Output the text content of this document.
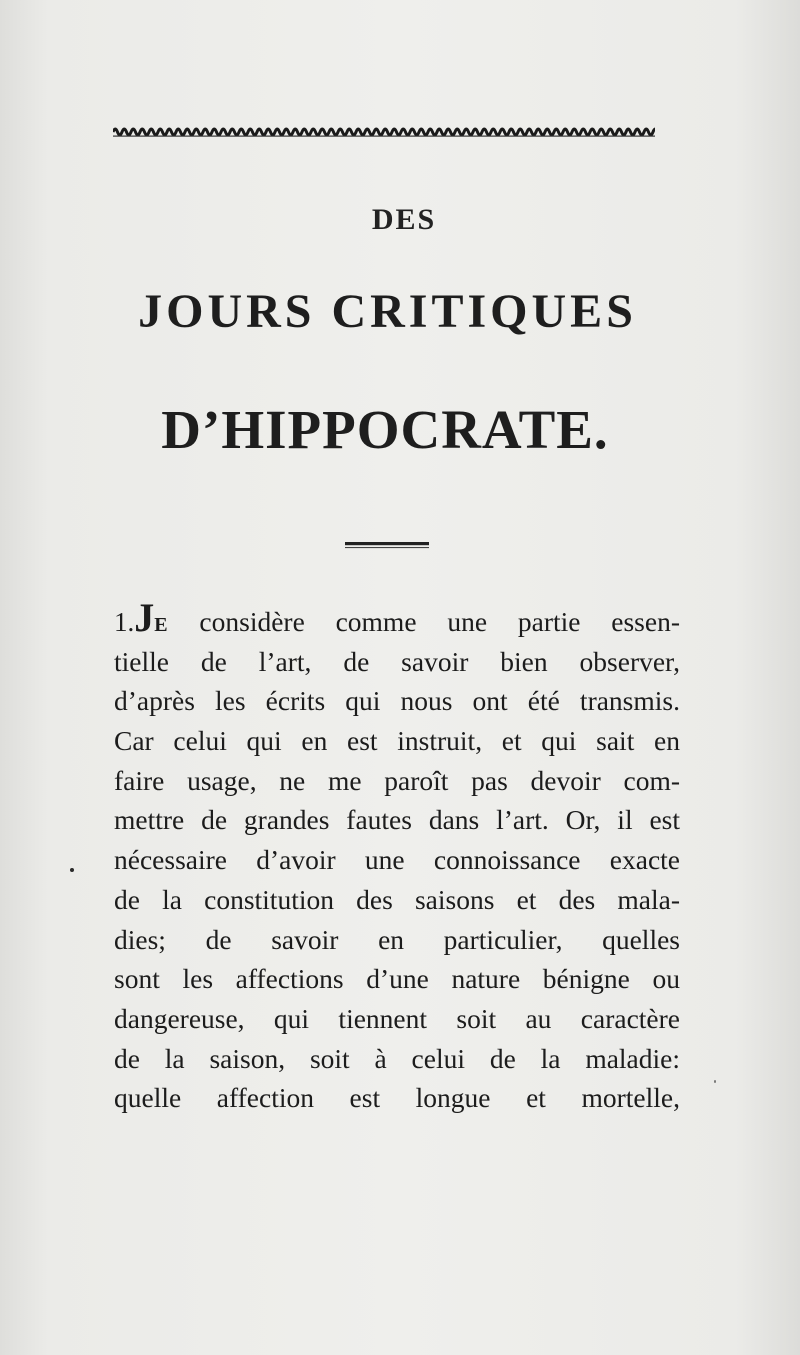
DES
JOURS CRITIQUES
D’HIPPOCRATE.
1.JE considère comme une partie essen-
tielle de l’art, de savoir bien observer,
d’après les écrits qui nous ont été transmis.
Car celui qui en est instruit, et qui sait en
faire usage, ne me paroît pas devoir com-
mettre de grandes fautes dans l’art. Or, il est
nécessaire d’avoir une connoissance exacte
de la constitution des saisons et des mala-
dies; de savoir en particulier, quelles
sont les affections d’une nature bénigne ou
dangereuse, qui tiennent soit au caractère
de la saison, soit à celui de la maladie:
quelle affection est longue et mortelle,
